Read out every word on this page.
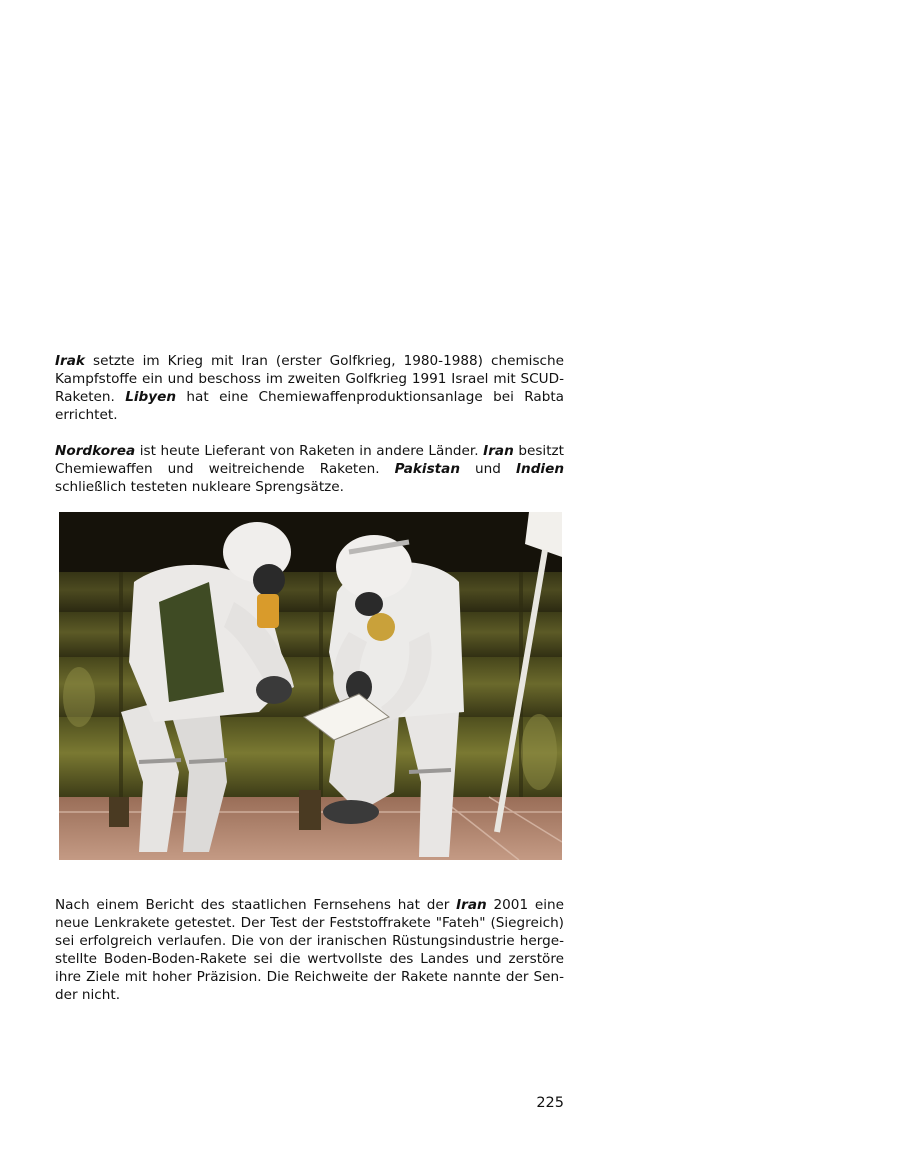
Irak setzte im Krieg mit Iran (erster Golfkrieg, 1980-1988) chemische Kampfstoffe ein und beschoss im zweiten Golfkrieg 1991 Israel mit SCUD-Raketen. Libyen hat eine Chemiewaffenproduktionsanlage bei Rabta errichtet.

Nordkorea ist heute Lieferant von Raketen in andere Länder. Iran besitzt Chemiewaffen und weitreichende Raketen. Pakistan und Indien schließlich testeten nukleare Sprengsätze.

Nach einem Bericht des staatlichen Fernsehens hat der Iran 2001 eine neue Lenkrakete getestet. Der Test der Feststoffrakete "Fateh" (Siegreich) sei erfolgreich verlaufen. Die von der iranischen Rüstungsindustrie hergestellte Boden-Boden-Rakete sei die wertvollste des Landes und zerstöre ihre Ziele mit hoher Präzision. Die Reichweite der Rakete nannte der Sender nicht.

225
